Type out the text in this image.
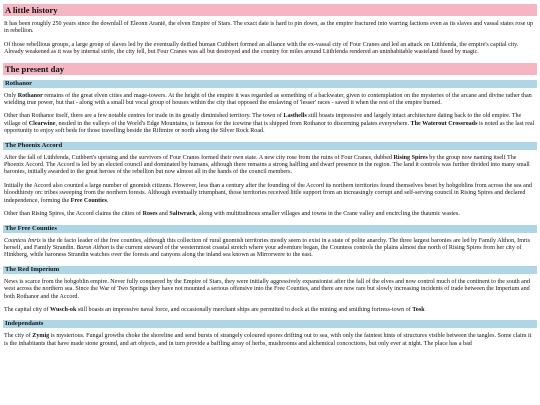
A little history

It has been roughly 250 years since the downfall of Eleonn Aranië, the elven Empire of Stars. The exact date is hard to pin down, as the empire fractured into warring factions even as its slaves and vassal states rose up in rebellion.

Of those rebellious groups, a large group of slaves led by the eventually deified human Cuthbert formed an alliance with the ex-vassal city of Four Cranes and led an attack on Lüthfenda, the empire's capital city. Already weakened as it was by internal strife, the city fell, but Four Cranes was all but destroyed and the country for miles around Lüthfenda rendered an uninhabitable wasteland fused by magic.

The present day
Rothanor

Only Rothanor remains of the great elven cities and mage-towers. At the height of the empire it was regarded as something of a backwater, given to contemplation on the mysteries of the arcane and divine rather than wielding true power, but that - along with a small but vocal group of houses within the city that opposed the enslaving of 'lesser' races - saved it when the rest of the empire burned.

Other than Rothanor itself, there are a few notable centres for trade in its greatly diminished territory. The town of Lasthells still boasts impressive and largely intact architecture dating back to the old empire. The village of Clearwine, nestled in the valleys of the World's Edge Mountains, is famous for the icewine that is shipped from Rothanor to discerning palates everywhere. The Waterout Crossroads is noted as the last real opportunity to enjoy soft beds for those travelling beside the Riftmire or north along the Silver Rock Road.

The Phoenix Accord

After the fall of Lüthfenda, Cuthbert's uprising and the survivors of Four Cranes formed their own state. A new city rose from the ruins of Four Cranes, dubbed Rising Spires by the group now naming itself The Phoenix Accord. The Accord is led by an elected council and dominated by humans, although there remains a strong halfling and dwarf presence in the region. The land it controls was further divided into many small baronies, initially awarded to the great heroes of the rebellion but now almost all in the hands of the council members.

Initially the Accord also counted a large number of gnomish citizens. However, less than a century after the founding of the Accord its northern territories found themselves beset by hobgoblins from across the sea and bloodthirsty orc tribes sweeping from the northern forests. Although eventually triumphant, those territories received little support from an increasingly corrupt and self-serving council in Rising Spires and declared independence, forming the Free Counties.

Other than Rising Spires, the Accord claims the cities of Roses and Saltwrack, along with multitudinous smaller villages and towns in the Crane valley and encircling the thaumic wastes.

The Free Counties

Countess Imris is the de facto leader of the free counties, although this collection of rural gnomish territories mostly seem to exist in a state of polite anarchy. The three largest baronies are led by Family Althon, Imris herself, and Family Strandin. Baron Althon is the current steward of the westernmost coastal stretch where your adventure began, the Countess controls the plains almost due north of Rising Spires from her city of Hinkberg, while baroness Strandin watches over the forests and canyons along the inland sea known as Mirrorwere to the east.

The Red Imperium

News is scarce from the hobgoblin empire. Never fully conquered by the Empire of Stars, they were initially aggressively expansionist after the fall of the elves and now control much of the continent to the south and west across the northern sea. Since the War of Two Springs they have not mounted a serious offensive into the Free Counties, and there are now rare but slowly increasing incidents of trade between the Imperium and both Rothanor and the Accord.

The capital city of Wusch-ok still boasts an impressive naval force, and occasionally merchant ships are permitted to dock at the mining and smithing fortress-town of Tosk

Independants

The city of Zymig is mysterious. Fungal growths choke the shoreline and send bursts of strangely coloured spores drifting out to sea, with only the faintest hints of structures visible between the tangles. Some claim it is the inhabitants that have made stone ground, and art objects, and in turn provide a baffling array of herbs, mushrooms and alchemical concoctions, but only ever at night. The place has a bad
